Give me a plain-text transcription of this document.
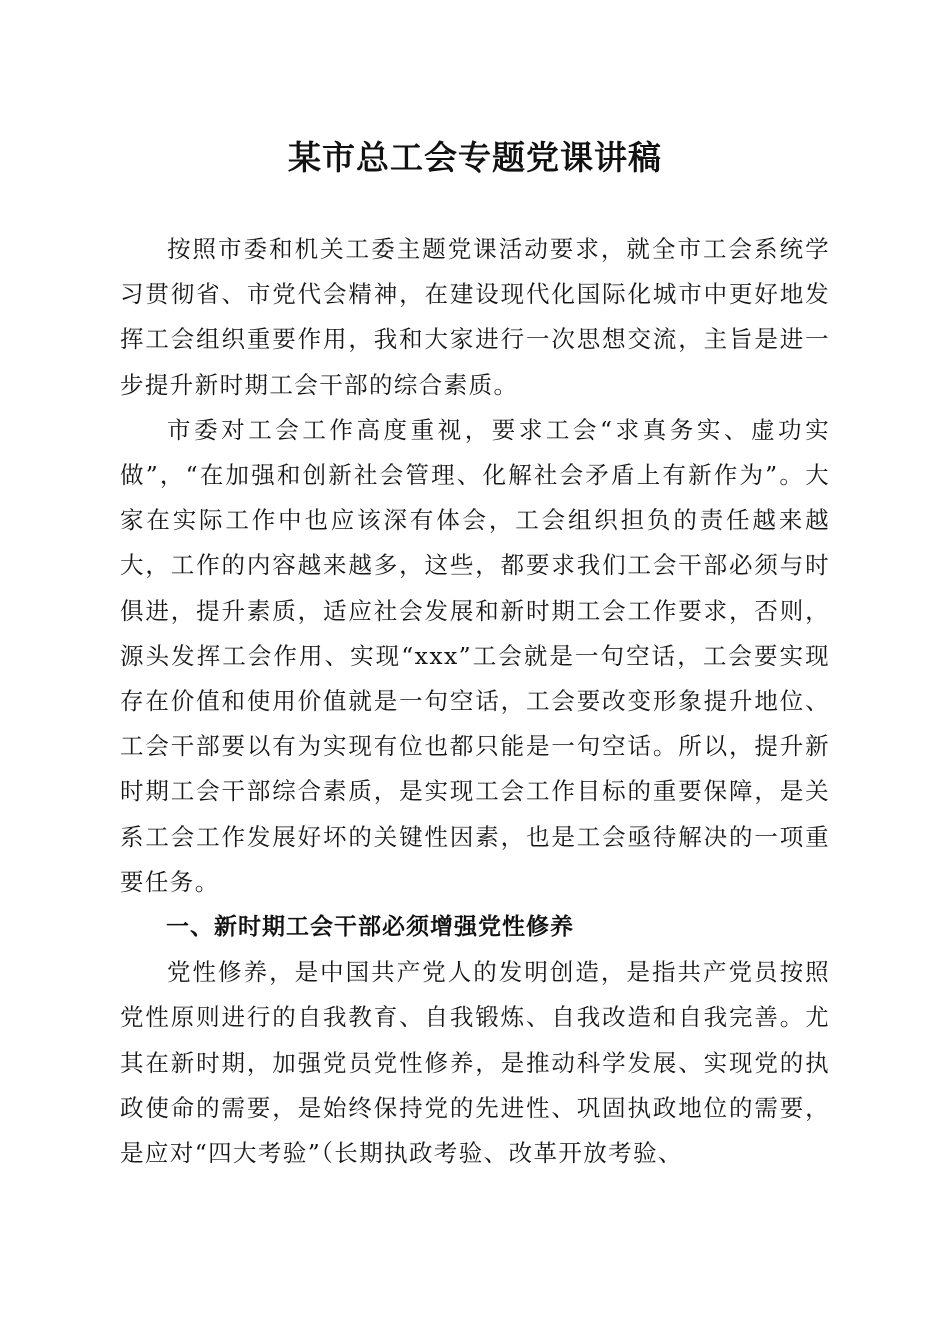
某市总工会专题党课讲稿

按照市委和机关工委主题党课活动要求，就全市工会系统学习贯彻省、市党代会精神，在建设现代化国际化城市中更好地发挥工会组织重要作用，我和大家进行一次思想交流，主旨是进一步提升新时期工会干部的综合素质。

市委对工会工作高度重视，要求工会“求真务实、虚功实做”，“在加强和创新社会管理、化解社会矛盾上有新作为”。大家在实际工作中也应该深有体会，工会组织担负的责任越来越大，工作的内容越来越多，这些，都要求我们工会干部必须与时俱进，提升素质，适应社会发展和新时期工会工作要求，否则，源头发挥工会作用、实现“xxx”工会就是一句空话，工会要实现存在价值和使用价值就是一句空话，工会要改变形象提升地位、工会干部要以有为实现有位也都只能是一句空话。所以，提升新时期工会干部综合素质，是实现工会工作目标的重要保障，是关系工会工作发展好坏的关键性因素，也是工会亟待解决的一项重要任务。

一、新时期工会干部必须增强党性修养

党性修养，是中国共产党人的发明创造，是指共产党员按照党性原则进行的自我教育、自我锻炼、自我改造和自我完善。尤其在新时期，加强党员党性修养，是推动科学发展、实现党的执政使命的需要，是始终保持党的先进性、巩固执政地位的需要，是应对“四大考验”（长期执政考验、改革开放考验、
